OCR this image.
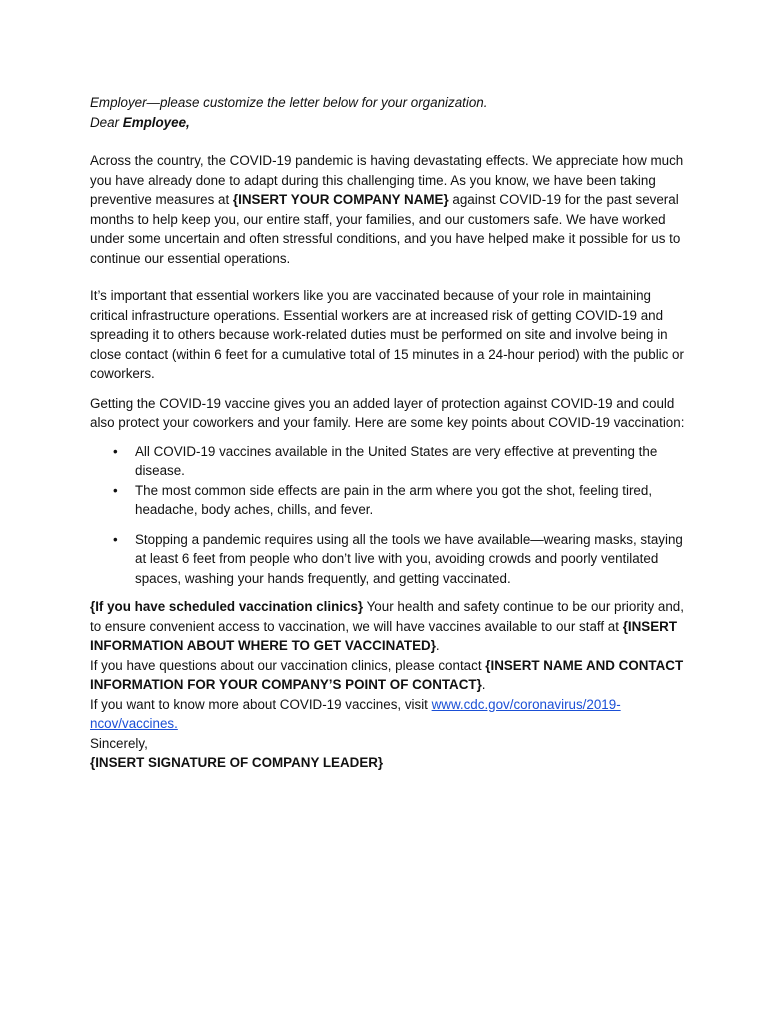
Employer—please customize the letter below for your organization.

Dear Employee,

Across the country, the COVID-19 pandemic is having devastating effects. We appreciate how much you have already done to adapt during this challenging time. As you know, we have been taking preventive measures at {INSERT YOUR COMPANY NAME} against COVID-19 for the past several months to help keep you, our entire staff, your families, and our customers safe. We have worked under some uncertain and often stressful conditions, and you have helped make it possible for us to continue our essential operations.

It’s important that essential workers like you are vaccinated because of your role in maintaining critical infrastructure operations. Essential workers are at increased risk of getting COVID-19 and spreading it to others because work-related duties must be performed on site and involve being in close contact (within 6 feet for a cumulative total of 15 minutes in a 24-hour period) with the public or coworkers.

Getting the COVID-19 vaccine gives you an added layer of protection against COVID-19 and could also protect your coworkers and your family. Here are some key points about COVID-19 vaccination:

• All COVID-19 vaccines available in the United States are very effective at preventing the disease.
• The most common side effects are pain in the arm where you got the shot, feeling tired, headache, body aches, chills, and fever.
• Stopping a pandemic requires using all the tools we have available—wearing masks, staying at least 6 feet from people who don’t live with you, avoiding crowds and poorly ventilated spaces, washing your hands frequently, and getting vaccinated.

{If you have scheduled vaccination clinics} Your health and safety continue to be our priority and, to ensure convenient access to vaccination, we will have vaccines available to our staff at {INSERT INFORMATION ABOUT WHERE TO GET VACCINATED}.

If you have questions about our vaccination clinics, please contact {INSERT NAME AND CONTACT INFORMATION FOR YOUR COMPANY’S POINT OF CONTACT}.

If you want to know more about COVID-19 vaccines, visit www.cdc.gov/coronavirus/2019-ncov/vaccines.

Sincerely,

{INSERT SIGNATURE OF COMPANY LEADER}
